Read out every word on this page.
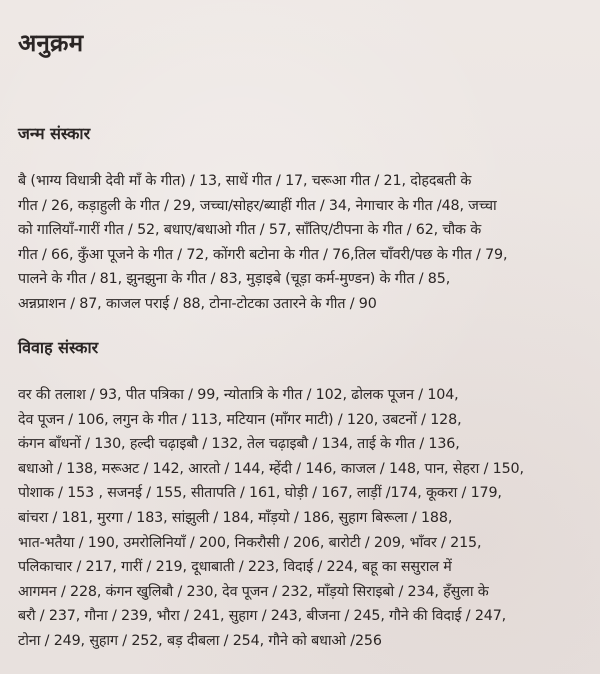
अनुक्रम
जन्म संस्कार
बै (भाग्य विधात्री देवी माँ के गीत) / 13, साधें गीत / 17, चरूआ गीत / 21, दोहदबती के
गीत / 26, कड़ाहुली के गीत / 29, जच्चा/सोहर/ब्याहीं गीत / 34, नेगाचार के गीत /48, जच्चा
को गालियाँ-गारीं गीत / 52, बधाए/बधाओ गीत / 57, साँतिए/टीपना के गीत / 62, चौक के
गीत / 66, कुँआ पूजने के गीत / 72, कोंगरी बटोना के गीत / 76,तिल चाँवरी/पछ के गीत / 79,
पालने के गीत / 81, झुनझुना के गीत / 83, मुड़ाइबे (चूड़ा कर्म-मुण्डन) के गीत / 85,
अन्नप्राशन / 87, काजल पराई / 88, टोना-टोटका उतारने के गीत / 90
विवाह संस्कार
वर की तलाश / 93, पीत पत्रिका / 99, न्योतात्रि के गीत / 102, ढोलक पूजन / 104,
देव पूजन / 106, लगुन के गीत / 113, मटियान (माँगर माटी) / 120, उबटनों / 128,
कंगन बाँधनों / 130, हल्दी चढ़ाइबौ / 132, तेल चढ़ाइबौ / 134, ताई के गीत / 136,
बधाओ / 138, मरूअट / 142, आरतो / 144, म्हेंदी / 146, काजल / 148, पान, सेहरा / 150,
पोशाक / 153 , सजनई / 155, सीतापति / 161, घोड़ी / 167, लाड़ीं /174, कूकरा / 179,
बांचरा / 181, मुरगा / 183, सांझुली / 184, माँड़यो / 186, सुहाग बिरूला / 188,
भात-भतैया / 190, उमरोलिनियाँ / 200, निकरौसी / 206, बारोटी / 209, भाँवर / 215,
पलिकाचार / 217, गारीं / 219, दूधाबाती / 223, विदाई / 224, बहू का ससुराल में
आगमन / 228, कंगन खुलिबौ / 230, देव पूजन / 232, माँड़यो सिराइबो / 234, हँसुला के
बरौ / 237, गौना / 239, भौरा / 241, सुहाग / 243, बीजना / 245, गौने की विदाई / 247,
टोना / 249, सुहाग / 252, बड़ दीबला / 254, गौने को बधाओ /256
